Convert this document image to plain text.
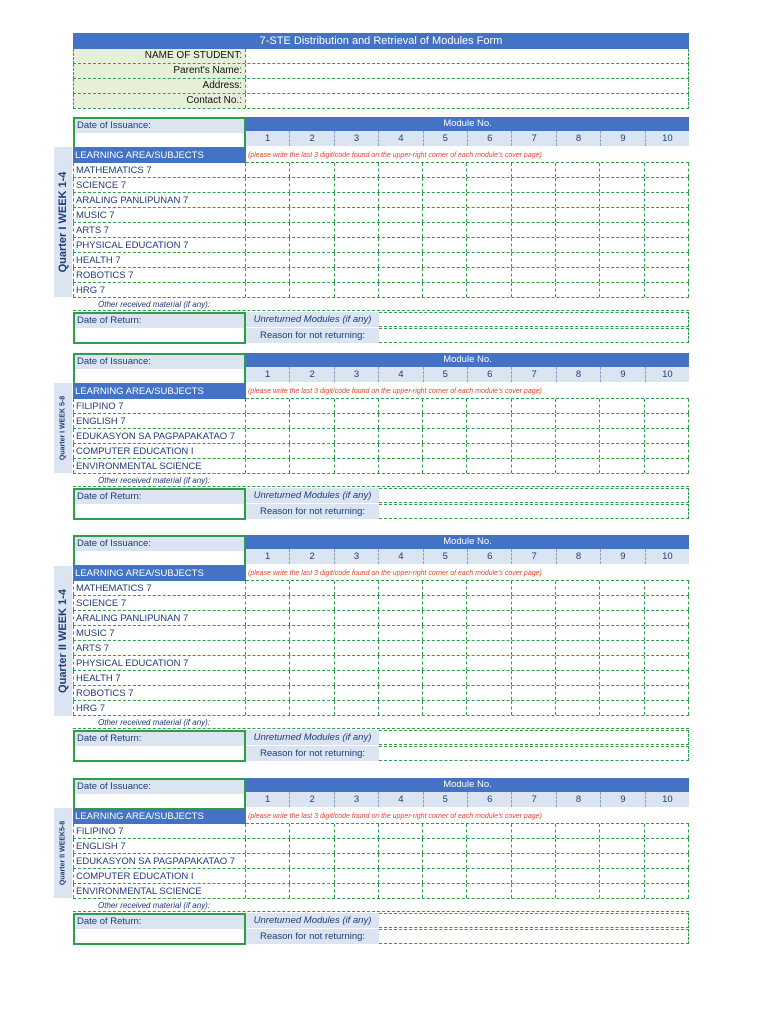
7-STE Distribution and Retrieval of Modules Form
NAME OF STUDENT:
Parent's Name:
Address:
Contact No.:
Date of Issuance:	Module No.
1	2	3	4	5	6	7	8	9	10
LEARNING AREA/SUBJECTS	(please write the last 3 digit/code found on the upper-right corner of each module's cover page)
MATHEMATICS 7
SCIENCE 7
ARALING PANLIPUNAN 7
MUSIC 7
ARTS 7
PHYSICAL EDUCATION 7
HEALTH 7
ROBOTICS 7
HRG 7
Other received material (if any):
Date of Return:	Unreturned Modules (if any)
Reason for not returning:
Quarter I WEEK 1-4
Date of Issuance:	Module No.
1	2	3	4	5	6	7	8	9	10
LEARNING AREA/SUBJECTS	(please write the last 3 digit/code found on the upper-right corner of each module's cover page)
FILIPINO 7
ENGLISH 7
EDUKASYON SA PAGPAPAKATAO 7
COMPUTER EDUCATION I
ENVIRONMENTAL SCIENCE
Other received material (if any):
Date of Return:	Unreturned Modules (if any)
Reason for not returning:
Quarter I WEEK 5-8
Date of Issuance:	Module No.
1	2	3	4	5	6	7	8	9	10
LEARNING AREA/SUBJECTS	(please write the last 3 digit/code found on the upper-right corner of each module's cover page)
MATHEMATICS 7
SCIENCE 7
ARALING PANLIPUNAN 7
MUSIC 7
ARTS 7
PHYSICAL EDUCATION 7
HEALTH 7
ROBOTICS 7
HRG 7
Other received material (if any):
Date of Return:	Unreturned Modules (if any)
Reason for not returning:
Quarter II WEEK 1-4
Date of Issuance:	Module No.
1	2	3	4	5	6	7	8	9	10
LEARNING AREA/SUBJECTS	(please write the last 3 digit/code found on the upper-right corner of each module's cover page)
FILIPINO 7
ENGLISH 7
EDUKASYON SA PAGPAPAKATAO 7
COMPUTER EDUCATION I
ENVIRONMENTAL SCIENCE
Other received material (if any):
Date of Return:	Unreturned Modules (if any)
Reason for not returning:
Quarter II WEEK5-8
